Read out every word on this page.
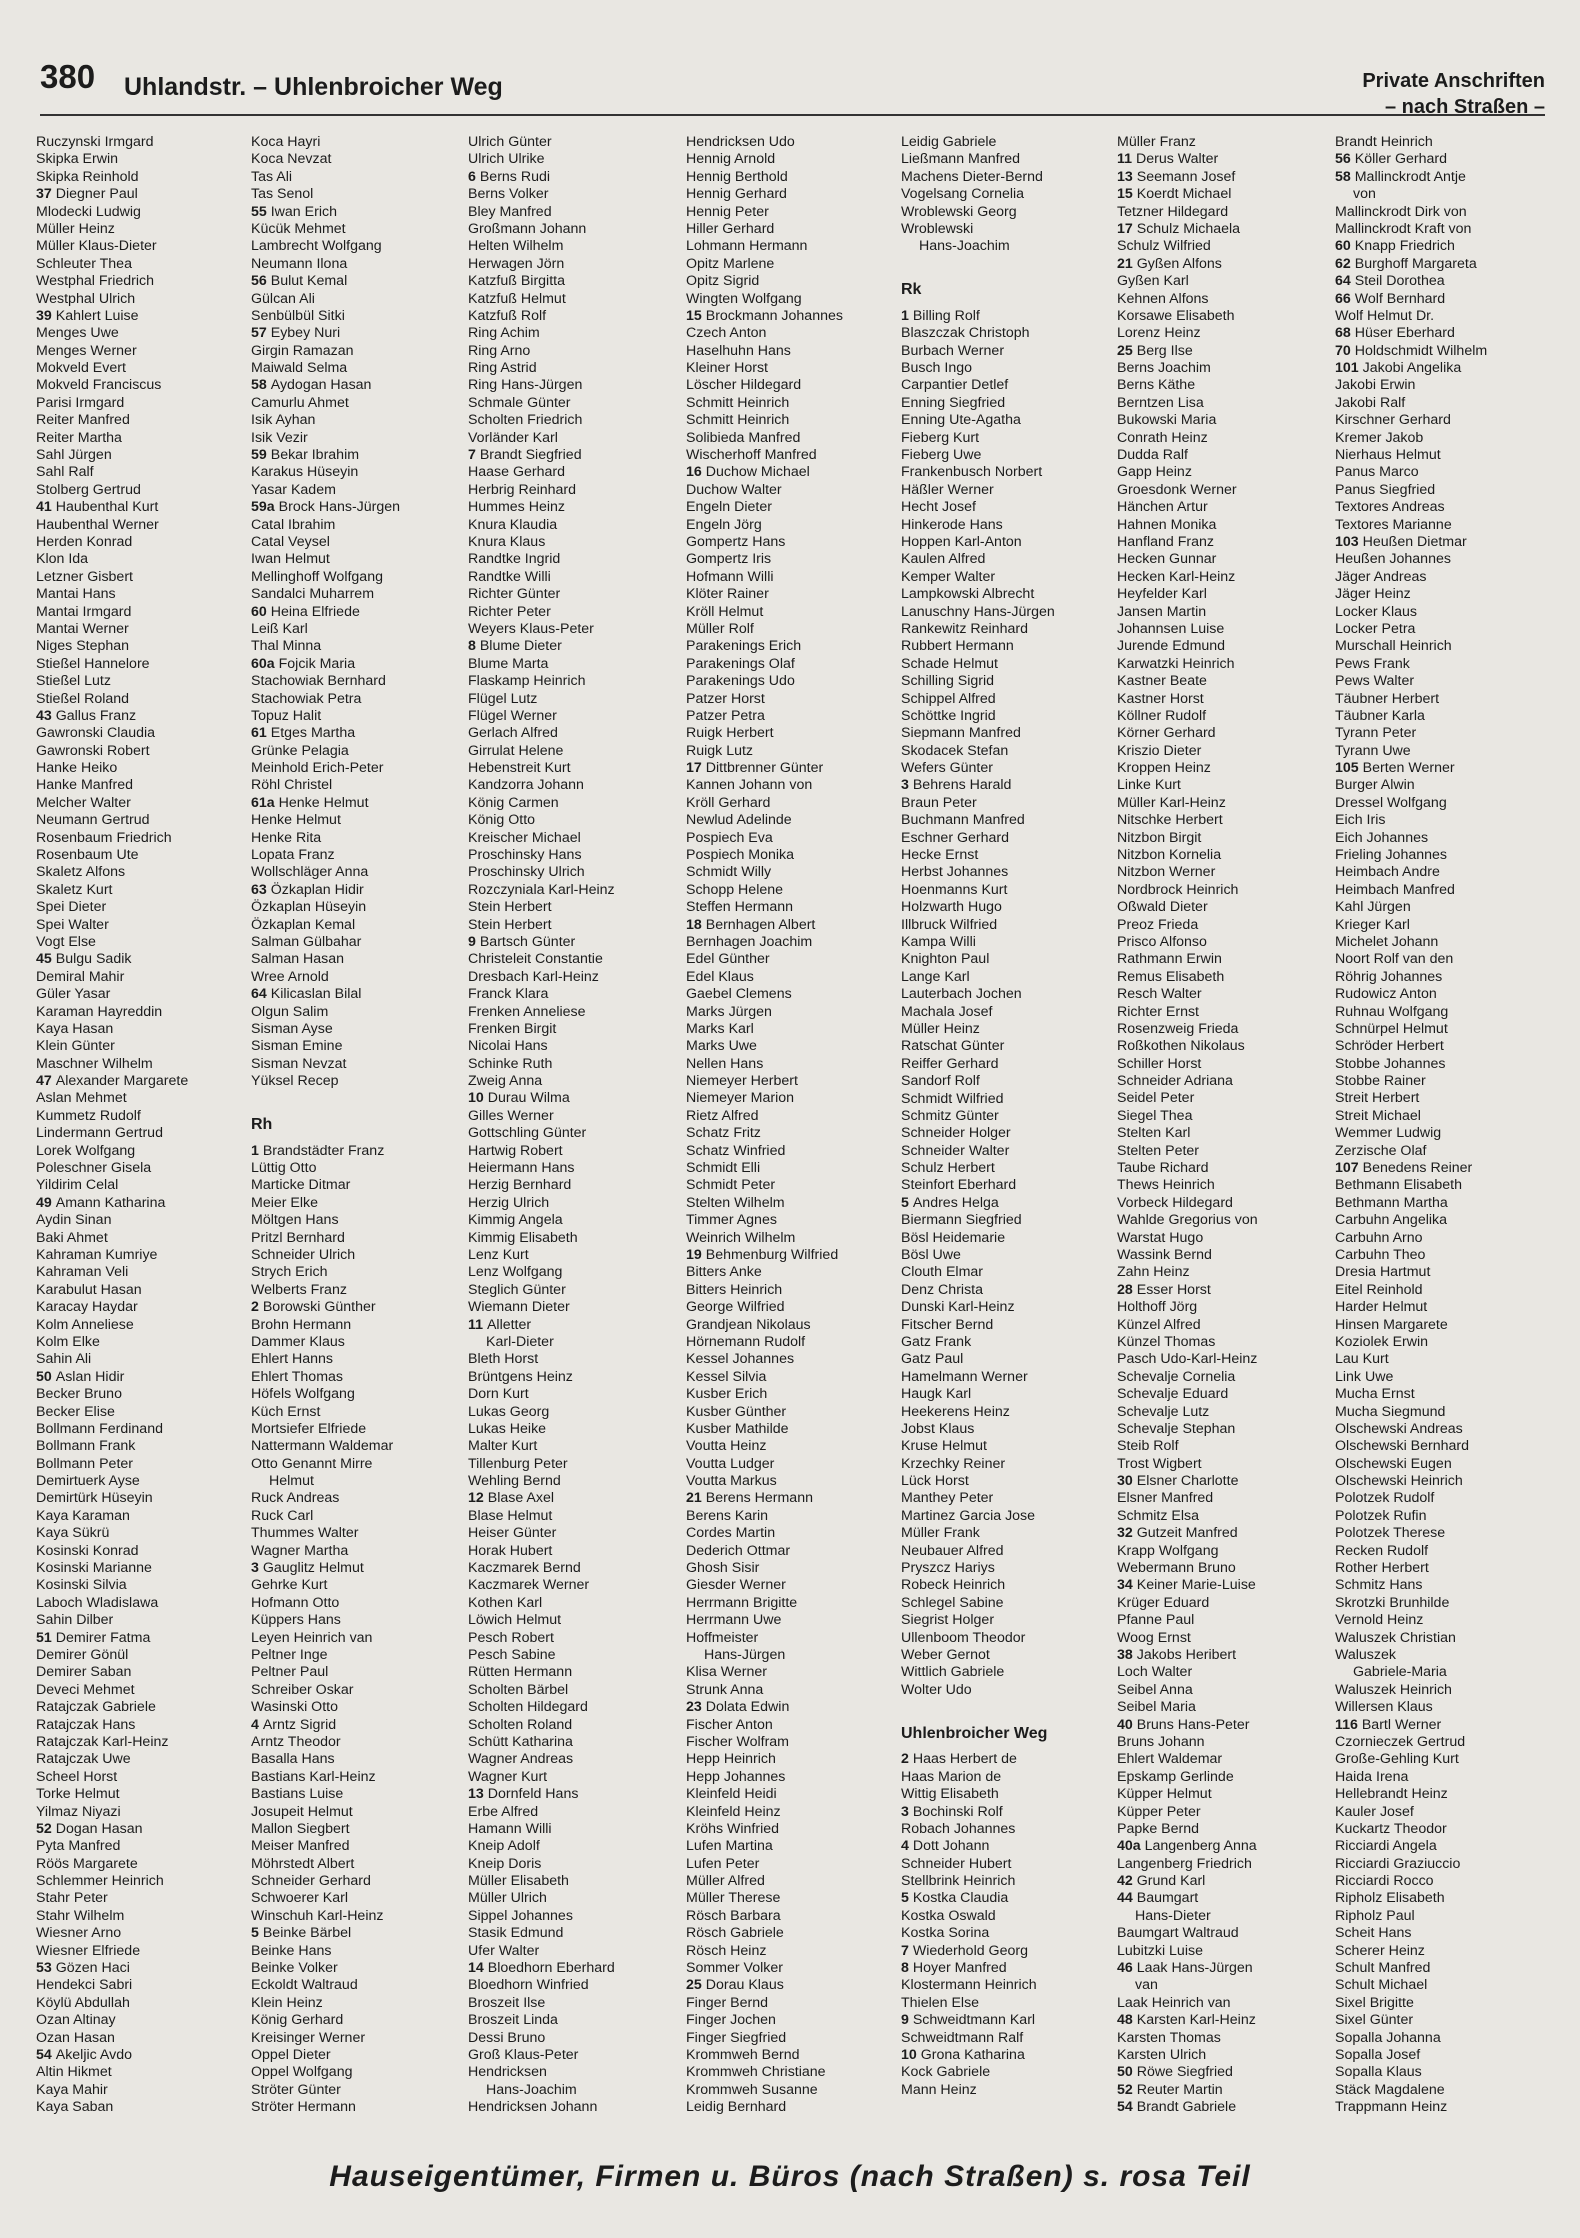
380 Uhlandstr. – Uhlenbroicher Weg	Private Anschriften
– nach Straßen –
Ruczynski Irmgard
Skipka Erwin
Skipka Reinhold
37 Diegner Paul
Mlodecki Ludwig
Müller Heinz
Müller Klaus-Dieter
Schleuter Thea
Westphal Friedrich
Westphal Ulrich
39 Kahlert Luise
Menges Uwe
Menges Werner
Mokveld Evert
Mokveld Franciscus
Parisi Irmgard
Reiter Manfred
Reiter Martha
Sahl Jürgen
Sahl Ralf
Stolberg Gertrud
41 Haubenthal Kurt
Haubenthal Werner
Herden Konrad
Klon Ida
Letzner Gisbert
Mantai Hans
Mantai Irmgard
Mantai Werner
Niges Stephan
Stießel Hannelore
Stießel Lutz
Stießel Roland
43 Gallus Franz
Gawronski Claudia
Gawronski Robert
Hanke Heiko
Hanke Manfred
Melcher Walter
Neumann Gertrud
Rosenbaum Friedrich
Rosenbaum Ute
Skaletz Alfons
Skaletz Kurt
Spei Dieter
Spei Walter
Vogt Else
45 Bulgu Sadik
Demiral Mahir
Güler Yasar
Karaman Hayreddin
Kaya Hasan
Klein Günter
Maschner Wilhelm
47 Alexander Margarete
Aslan Mehmet
Kummetz Rudolf
Lindermann Gertrud
Lorek Wolfgang
Poleschner Gisela
Yildirim Celal
49 Amann Katharina
Aydin Sinan
Baki Ahmet
Kahraman Kumriye
Kahraman Veli
Karabulut Hasan
Karacay Haydar
Kolm Anneliese
Kolm Elke
Sahin Ali
50 Aslan Hidir
Becker Bruno
Becker Elise
Bollmann Ferdinand
Bollmann Frank
Bollmann Peter
Demirtuerk Ayse
Demirtürk Hüseyin
Kaya Karaman
Kaya Sükrü
Kosinski Konrad
Kosinski Marianne
Kosinski Silvia
Laboch Wladislawa
Sahin Dilber
51 Demirer Fatma
Demirer Gönül
Demirer Saban
Deveci Mehmet
Ratajczak Gabriele
Ratajczak Hans
Ratajczak Karl-Heinz
Ratajczak Uwe
Scheel Horst
Torke Helmut
Yilmaz Niyazi
52 Dogan Hasan
Pyta Manfred
Röös Margarete
Schlemmer Heinrich
Stahr Peter
Stahr Wilhelm
Wiesner Arno
Wiesner Elfriede
53 Gözen Haci
Hendekci Sabri
Köylü Abdullah
Ozan Altinay
Ozan Hasan
54 Akeljic Avdo
Altin Hikmet
Kaya Mahir
Kaya Saban
Koca Hayri
Koca Nevzat
Tas Ali
Tas Senol
55 Iwan Erich
Kücük Mehmet
Lambrecht Wolfgang
Neumann Ilona
56 Bulut Kemal
Gülcan Ali
Senbülbül Sitki
57 Eybey Nuri
Girgin Ramazan
Maiwald Selma
58 Aydogan Hasan
Camurlu Ahmet
Isik Ayhan
Isik Vezir
59 Bekar Ibrahim
Karakus Hüseyin
Yasar Kadem
59a Brock Hans-Jürgen
Catal Ibrahim
Catal Veysel
Iwan Helmut
Mellinghoff Wolfgang
Sandalci Muharrem
60 Heina Elfriede
Leiß Karl
Thal Minna
60a Fojcik Maria
Stachowiak Bernhard
Stachowiak Petra
Topuz Halit
61 Etges Martha
Grünke Pelagia
Meinhold Erich-Peter
Röhl Christel
61a Henke Helmut
Henke Helmut
Henke Rita
Lopata Franz
Wollschläger Anna
63 Özkaplan Hidir
Özkaplan Hüseyin
Özkaplan Kemal
Salman Gülbahar
Salman Hasan
Wree Arnold
64 Kilicaslan Bilal
Olgun Salim
Sisman Ayse
Sisman Emine
Sisman Nevzat
Yüksel Recep
Rh
1 Brandstädter Franz
Lüttig Otto
Marticke Ditmar
Meier Elke
Möltgen Hans
Pritzl Bernhard
Schneider Ulrich
Strych Erich
Welberts Franz
2 Borowski Günther
Brohn Hermann
Dammer Klaus
Ehlert Hanns
Ehlert Thomas
Höfels Wolfgang
Küch Ernst
Mortsiefer Elfriede
Nattermann Waldemar
Otto Genannt Mirre
Helmut
Ruck Andreas
Ruck Carl
Thummes Walter
Wagner Martha
3 Gauglitz Helmut
Gehrke Kurt
Hofmann Otto
Küppers Hans
Leyen Heinrich van
Peltner Inge
Peltner Paul
Schreiber Oskar
Wasinski Otto
4 Arntz Sigrid
Arntz Theodor
Basalla Hans
Bastians Karl-Heinz
Bastians Luise
Josupeit Helmut
Mallon Siegbert
Meiser Manfred
Möhrstedt Albert
Schneider Gerhard
Schwoerer Karl
Winschuh Karl-Heinz
5 Beinke Bärbel
Beinke Hans
Beinke Volker
Eckoldt Waltraud
Klein Heinz
König Gerhard
Kreisinger Werner
Oppel Dieter
Oppel Wolfgang
Ströter Günter
Ströter Hermann
Ulrich Günter
Ulrich Ulrike
6 Berns Rudi
Berns Volker
Bley Manfred
Großmann Johann
Helten Wilhelm
Herwagen Jörn
Katzfuß Birgitta
Katzfuß Helmut
Katzfuß Rolf
Ring Achim
Ring Arno
Ring Astrid
Ring Hans-Jürgen
Schmale Günter
Scholten Friedrich
Vorländer Karl
7 Brandt Siegfried
Haase Gerhard
Herbrig Reinhard
Hummes Heinz
Knura Klaudia
Knura Klaus
Randtke Ingrid
Randtke Willi
Richter Günter
Richter Peter
Weyers Klaus-Peter
8 Blume Dieter
Blume Marta
Flaskamp Heinrich
Flügel Lutz
Flügel Werner
Gerlach Alfred
Girrulat Helene
Hebenstreit Kurt
Kandzorra Johann
König Carmen
König Otto
Kreischer Michael
Proschinsky Hans
Proschinsky Ulrich
Rozczyniala Karl-Heinz
Stein Herbert
Stein Herbert
9 Bartsch Günter
Christeleit Constantie
Dresbach Karl-Heinz
Franck Klara
Frenken Anneliese
Frenken Birgit
Nicolai Hans
Schinke Ruth
Zweig Anna
10 Durau Wilma
Gilles Werner
Gottschling Günter
Hartwig Robert
Heiermann Hans
Herzig Bernhard
Herzig Ulrich
Kimmig Angela
Kimmig Elisabeth
Lenz Kurt
Lenz Wolfgang
Steglich Günter
Wiemann Dieter
11 Alletter
Karl-Dieter
Bleth Horst
Brüntgens Heinz
Dorn Kurt
Lukas Georg
Lukas Heike
Malter Kurt
Tillenburg Peter
Wehling Bernd
12 Blase Axel
Blase Helmut
Heiser Günter
Horak Hubert
Kaczmarek Bernd
Kaczmarek Werner
Kothen Karl
Löwich Helmut
Pesch Robert
Pesch Sabine
Rütten Hermann
Scholten Bärbel
Scholten Hildegard
Scholten Roland
Schütt Katharina
Wagner Andreas
Wagner Kurt
13 Dornfeld Hans
Erbe Alfred
Hamann Willi
Kneip Adolf
Kneip Doris
Müller Elisabeth
Müller Ulrich
Sippel Johannes
Stasik Edmund
Ufer Walter
14 Bloedhorn Eberhard
Bloedhorn Winfried
Broszeit Ilse
Broszeit Linda
Dessi Bruno
Groß Klaus-Peter
Hendricksen
Hans-Joachim
Hendricksen Johann
Hendricksen Udo
Hennig Arnold
Hennig Berthold
Hennig Gerhard
Hennig Peter
Hiller Gerhard
Lohmann Hermann
Opitz Marlene
Opitz Sigrid
Wingten Wolfgang
15 Brockmann Johannes
Czech Anton
Haselhuhn Hans
Kleiner Horst
Löscher Hildegard
Schmitt Heinrich
Schmitt Heinrich
Solibieda Manfred
Wischerhoff Manfred
16 Duchow Michael
Duchow Walter
Engeln Dieter
Engeln Jörg
Gompertz Hans
Gompertz Iris
Hofmann Willi
Klöter Rainer
Kröll Helmut
Müller Rolf
Parakenings Erich
Parakenings Olaf
Parakenings Udo
Patzer Horst
Patzer Petra
Ruigk Herbert
Ruigk Lutz
17 Dittbrenner Günter
Kannen Johann von
Kröll Gerhard
Newlud Adelinde
Pospiech Eva
Pospiech Monika
Schmidt Willy
Schopp Helene
Steffen Hermann
18 Bernhagen Albert
Bernhagen Joachim
Edel Günther
Edel Klaus
Gaebel Clemens
Marks Jürgen
Marks Karl
Marks Uwe
Nellen Hans
Niemeyer Herbert
Niemeyer Marion
Rietz Alfred
Schatz Fritz
Schatz Winfried
Schmidt Elli
Schmidt Peter
Stelten Wilhelm
Timmer Agnes
Weinrich Wilhelm
19 Behmenburg Wilfried
Bitters Anke
Bitters Heinrich
George Wilfried
Grandjean Nikolaus
Hörnemann Rudolf
Kessel Johannes
Kessel Silvia
Kusber Erich
Kusber Günther
Kusber Mathilde
Voutta Heinz
Voutta Ludger
Voutta Markus
21 Berens Hermann
Berens Karin
Cordes Martin
Dederich Ottmar
Ghosh Sisir
Giesder Werner
Herrmann Brigitte
Herrmann Uwe
Hoffmeister
Hans-Jürgen
Klisa Werner
Strunk Anna
23 Dolata Edwin
Fischer Anton
Fischer Wolfram
Hepp Heinrich
Hepp Johannes
Kleinfeld Heidi
Kleinfeld Heinz
Kröhs Winfried
Lufen Martina
Lufen Peter
Müller Alfred
Müller Therese
Rösch Barbara
Rösch Gabriele
Rösch Heinz
Sommer Volker
25 Dorau Klaus
Finger Bernd
Finger Jochen
Finger Siegfried
Krommweh Bernd
Krommweh Christiane
Krommweh Susanne
Leidig Bernhard
Leidig Gabriele
Ließmann Manfred
Machens Dieter-Bernd
Vogelsang Cornelia
Wroblewski Georg
Wroblewski
Hans-Joachim
Rk
1 Billing Rolf
Blaszczak Christoph
Burbach Werner
Busch Ingo
Carpantier Detlef
Enning Siegfried
Enning Ute-Agatha
Fieberg Kurt
Fieberg Uwe
Frankenbusch Norbert
Häßler Werner
Hecht Josef
Hinkerode Hans
Hoppen Karl-Anton
Kaulen Alfred
Kemper Walter
Lampkowski Albrecht
Lanuschny Hans-Jürgen
Rankewitz Reinhard
Rubbert Hermann
Schade Helmut
Schilling Sigrid
Schippel Alfred
Schöttke Ingrid
Siepmann Manfred
Skodacek Stefan
Wefers Günter
3 Behrens Harald
Braun Peter
Buchmann Manfred
Eschner Gerhard
Hecke Ernst
Herbst Johannes
Hoenmanns Kurt
Holzwarth Hugo
Illbruck Wilfried
Kampa Willi
Knighton Paul
Lange Karl
Lauterbach Jochen
Machala Josef
Müller Heinz
Ratschat Günter
Reiffer Gerhard
Sandorf Rolf
Schmidt Wilfried
Schmitz Günter
Schneider Holger
Schneider Walter
Schulz Herbert
Steinfort Eberhard
5 Andres Helga
Biermann Siegfried
Bösl Heidemarie
Bösl Uwe
Clouth Elmar
Denz Christa
Dunski Karl-Heinz
Fitscher Bernd
Gatz Frank
Gatz Paul
Hamelmann Werner
Haugk Karl
Heekerens Heinz
Jobst Klaus
Kruse Helmut
Krzechky Reiner
Lück Horst
Manthey Peter
Martinez Garcia Jose
Müller Frank
Neubauer Alfred
Pryszcz Hariys
Robeck Heinrich
Schlegel Sabine
Siegrist Holger
Ullenboom Theodor
Weber Gernot
Wittlich Gabriele
Wolter Udo
Uhlenbroicher Weg
2 Haas Herbert de
Haas Marion de
Wittig Elisabeth
3 Bochinski Rolf
Robach Johannes
4 Dott Johann
Schneider Hubert
Stellbrink Heinrich
5 Kostka Claudia
Kostka Oswald
Kostka Sorina
7 Wiederhold Georg
8 Hoyer Manfred
Klostermann Heinrich
Thielen Else
9 Schweidtmann Karl
Schweidtmann Ralf
10 Grona Katharina
Kock Gabriele
Mann Heinz
Müller Franz
11 Derus Walter
13 Seemann Josef
15 Koerdt Michael
Tetzner Hildegard
17 Schulz Michaela
Schulz Wilfried
21 Gyßen Alfons
Gyßen Karl
Kehnen Alfons
Korsawe Elisabeth
Lorenz Heinz
25 Berg Ilse
Berns Joachim
Berns Käthe
Berntzen Lisa
Bukowski Maria
Conrath Heinz
Dudda Ralf
Gapp Heinz
Groesdonk Werner
Hänchen Artur
Hahnen Monika
Hanfland Franz
Hecken Gunnar
Hecken Karl-Heinz
Heyfelder Karl
Jansen Martin
Johannsen Luise
Jurende Edmund
Karwatzki Heinrich
Kastner Beate
Kastner Horst
Köllner Rudolf
Körner Gerhard
Kriszio Dieter
Kroppen Heinz
Linke Kurt
Müller Karl-Heinz
Nitschke Herbert
Nitzbon Birgit
Nitzbon Kornelia
Nitzbon Werner
Nordbrock Heinrich
Oßwald Dieter
Preoz Frieda
Prisco Alfonso
Rathmann Erwin
Remus Elisabeth
Resch Walter
Richter Ernst
Rosenzweig Frieda
Roßkothen Nikolaus
Schiller Horst
Schneider Adriana
Seidel Peter
Siegel Thea
Stelten Karl
Stelten Peter
Taube Richard
Thews Heinrich
Vorbeck Hildegard
Wahlde Gregorius von
Warstat Hugo
Wassink Bernd
Zahn Heinz
28 Esser Horst
Holthoff Jörg
Künzel Alfred
Künzel Thomas
Pasch Udo-Karl-Heinz
Schevalje Cornelia
Schevalje Eduard
Schevalje Lutz
Schevalje Stephan
Steib Rolf
Trost Wigbert
30 Elsner Charlotte
Elsner Manfred
Schmitz Elsa
32 Gutzeit Manfred
Krapp Wolfgang
Webermann Bruno
34 Keiner Marie-Luise
Krüger Eduard
Pfanne Paul
Woog Ernst
38 Jakobs Heribert
Loch Walter
Seibel Anna
Seibel Maria
40 Bruns Hans-Peter
Bruns Johann
Ehlert Waldemar
Epskamp Gerlinde
Küpper Helmut
Küpper Peter
Papke Bernd
40a Langenberg Anna
Langenberg Friedrich
42 Grund Karl
44 Baumgart
Hans-Dieter
Baumgart Waltraud
Lubitzki Luise
46 Laak Hans-Jürgen
van
Laak Heinrich van
48 Karsten Karl-Heinz
Karsten Thomas
Karsten Ulrich
50 Röwe Siegfried
52 Reuter Martin
54 Brandt Gabriele
Brandt Heinrich
56 Köller Gerhard
58 Mallinckrodt Antje
von
Mallinckrodt Dirk von
Mallinckrodt Kraft von
60 Knapp Friedrich
62 Burghoff Margareta
64 Steil Dorothea
66 Wolf Bernhard
Wolf Helmut Dr.
68 Hüser Eberhard
70 Holdschmidt Wilhelm
101 Jakobi Angelika
Jakobi Erwin
Jakobi Ralf
Kirschner Gerhard
Kremer Jakob
Nierhaus Helmut
Panus Marco
Panus Siegfried
Textores Andreas
Textores Marianne
103 Heußen Dietmar
Heußen Johannes
Jäger Andreas
Jäger Heinz
Locker Klaus
Locker Petra
Murschall Heinrich
Pews Frank
Pews Walter
Täubner Herbert
Täubner Karla
Tyrann Peter
Tyrann Uwe
105 Berten Werner
Burger Alwin
Dressel Wolfgang
Eich Iris
Eich Johannes
Frieling Johannes
Heimbach Andre
Heimbach Manfred
Kahl Jürgen
Krieger Karl
Michelet Johann
Noort Rolf van den
Röhrig Johannes
Rudowicz Anton
Ruhnau Wolfgang
Schnürpel Helmut
Schröder Herbert
Stobbe Johannes
Stobbe Rainer
Streit Herbert
Streit Michael
Wemmer Ludwig
Zerzische Olaf
107 Benedens Reiner
Bethmann Elisabeth
Bethmann Martha
Carbuhn Angelika
Carbuhn Arno
Carbuhn Theo
Dresia Hartmut
Eitel Reinhold
Harder Helmut
Hinsen Margarete
Koziolek Erwin
Lau Kurt
Link Uwe
Mucha Ernst
Mucha Siegmund
Olschewski Andreas
Olschewski Bernhard
Olschewski Eugen
Olschewski Heinrich
Polotzek Rudolf
Polotzek Rufin
Polotzek Therese
Recken Rudolf
Rother Herbert
Schmitz Hans
Skrotzki Brunhilde
Vernold Heinz
Waluszek Christian
Waluszek
Gabriele-Maria
Waluszek Heinrich
Willersen Klaus
116 Bartl Werner
Czornieczek Gertrud
Große-Gehling Kurt
Haida Irena
Hellebrandt Heinz
Kauler Josef
Kuckartz Theodor
Ricciardi Angela
Ricciardi Graziuccio
Ricciardi Rocco
Ripholz Elisabeth
Ripholz Paul
Scheit Hans
Scherer Heinz
Schult Manfred
Schult Michael
Sixel Brigitte
Sixel Günter
Sopalla Johanna
Sopalla Josef
Sopalla Klaus
Stäck Magdalene
Trappmann Heinz
Hauseigentümer, Firmen u. Büros (nach Straßen) s. rosa Teil
